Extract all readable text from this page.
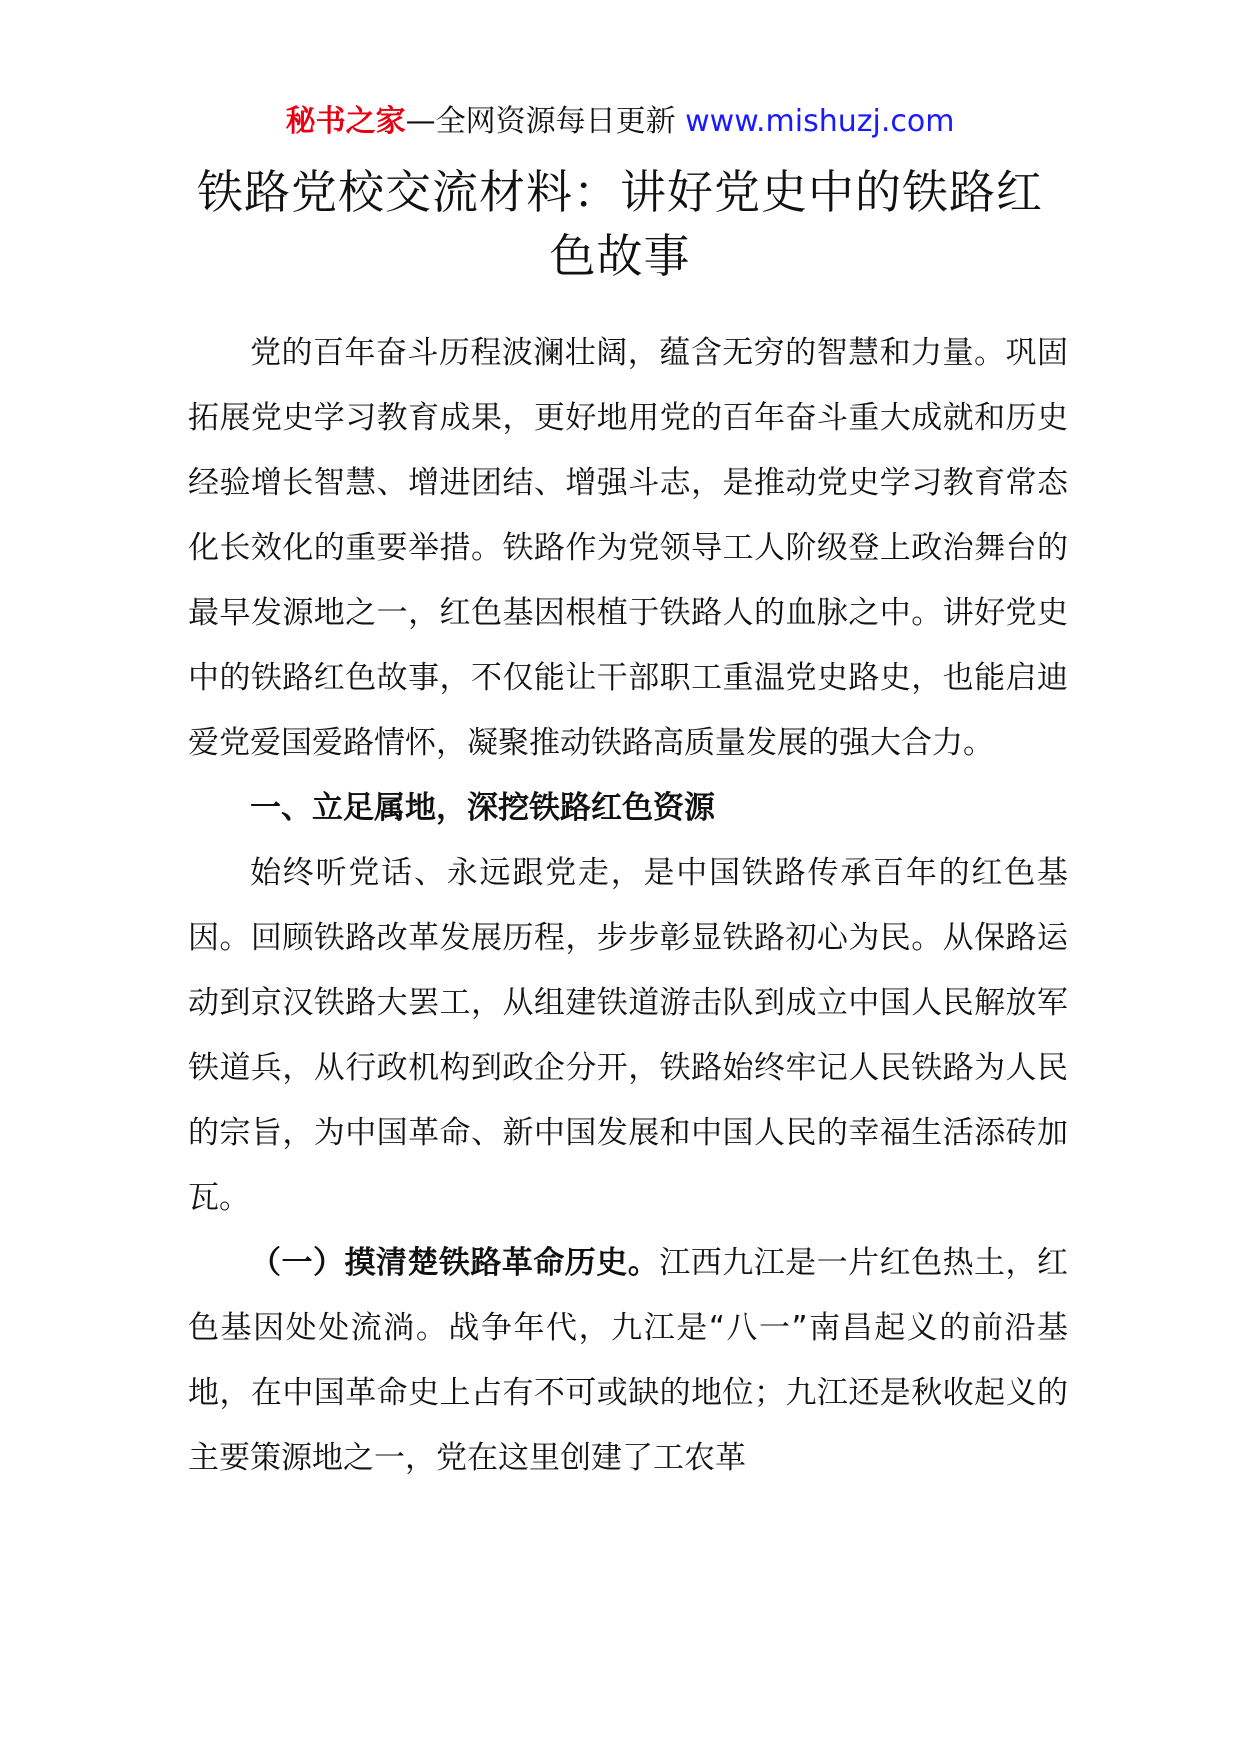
秘书之家—全网资源每日更新 www.mishuzj.com
铁路党校交流材料：讲好党史中的铁路红
色故事

党的百年奋斗历程波澜壮阔，蕴含无穷的智慧和力量。巩固拓展党史学习教育成果，更好地用党的百年奋斗重大成就和历史经验增长智慧、增进团结、增强斗志，是推动党史学习教育常态化长效化的重要举措。铁路作为党领导工人阶级登上政治舞台的最早发源地之一，红色基因根植于铁路人的血脉之中。讲好党史中的铁路红色故事，不仅能让干部职工重温党史路史，也能启迪爱党爱国爱路情怀，凝聚推动铁路高质量发展的强大合力。

一、立足属地，深挖铁路红色资源

始终听党话、永远跟党走，是中国铁路传承百年的红色基因。回顾铁路改革发展历程，步步彰显铁路初心为民。从保路运动到京汉铁路大罢工，从组建铁道游击队到成立中国人民解放军铁道兵，从行政机构到政企分开，铁路始终牢记人民铁路为人民的宗旨，为中国革命、新中国发展和中国人民的幸福生活添砖加瓦。

（一）摸清楚铁路革命历史。江西九江是一片红色热土，红色基因处处流淌。战争年代，九江是“八一”南昌起义的前沿基地，在中国革命史上占有不可或缺的地位；九江还是秋收起义的主要策源地之一，党在这里创建了工农革
